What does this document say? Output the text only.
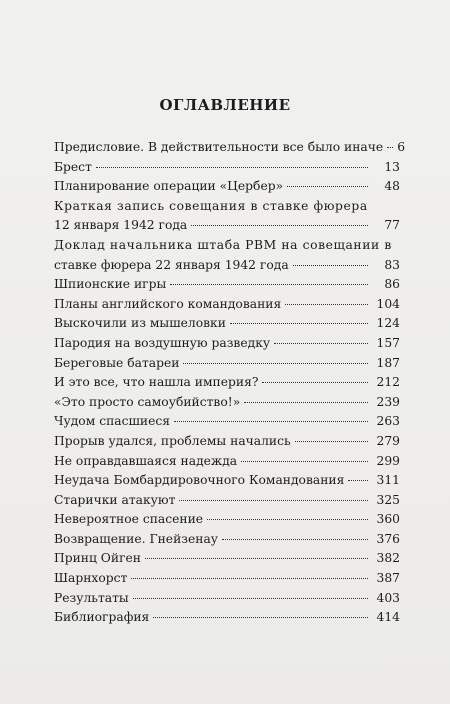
ОГЛАВЛЕНИЕ
Предисловие. В действительности все было иначе 6
Брест	13
Планирование операции «Цербер»	48
Краткая запись совещания в ставке фюрера
12 января 1942 года	77
Доклад начальника штаба РВМ на совещании в
ставке фюрера 22 января 1942 года	83
Шпионские игры	86
Планы английского командования	104
Выскочили из мышеловки	124
Пародия на воздушную разведку	157
Береговые батареи	187
И это все, что нашла империя?	212
«Это просто самоубийство!»	239
Чудом спасшиеся	263
Прорыв удался, проблемы начались	279
Не оправдавшаяся надежда	299
Неудача Бомбардировочного Командования	311
Старички атакуют	325
Невероятное спасение	360
Возвращение. Гнейзенау	376
Принц Ойген	382
Шарнхорст	387
Результаты	403
Библиография	414
